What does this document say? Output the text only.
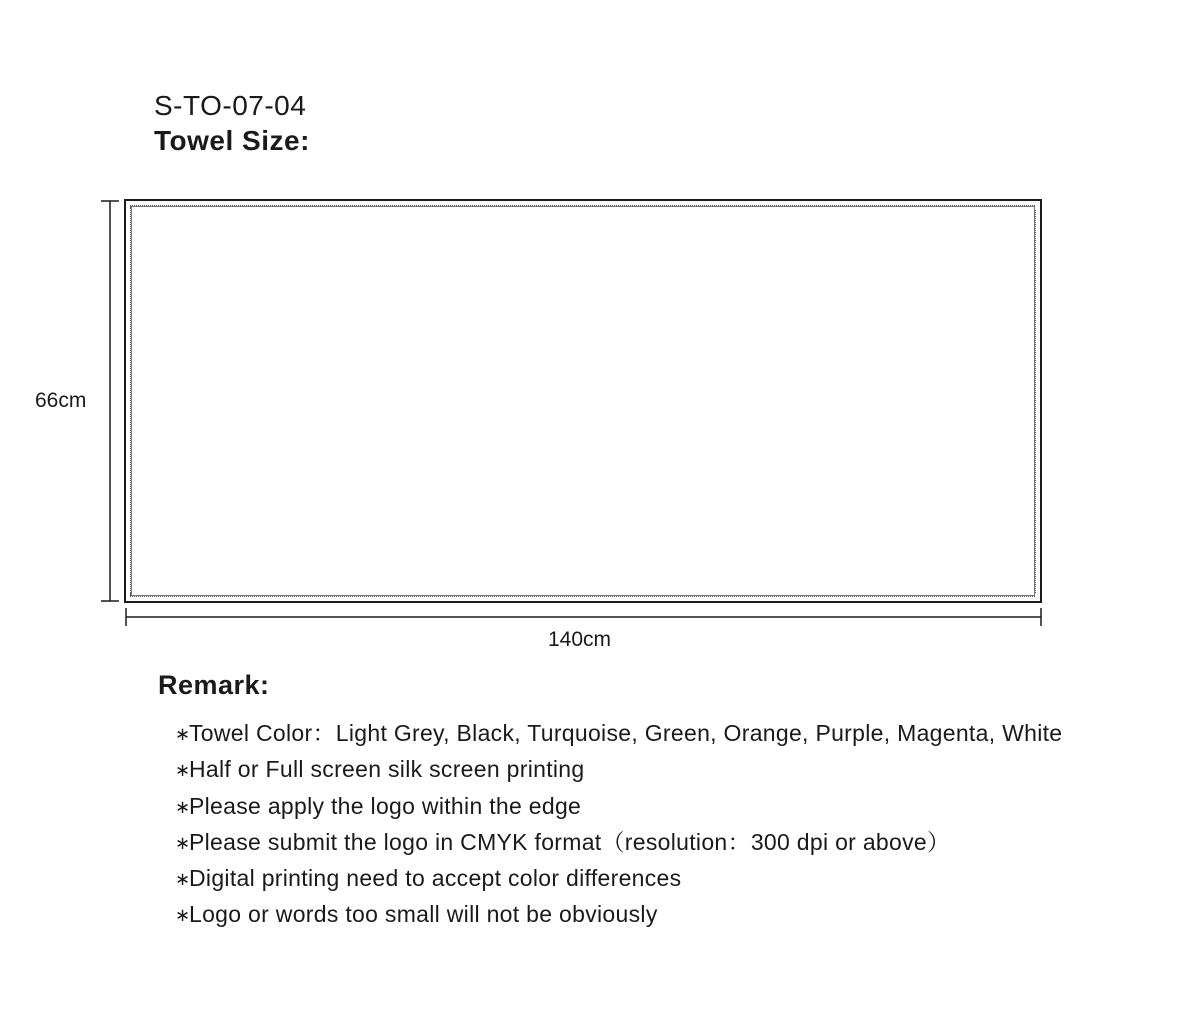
S-TO-07-04
Towel Size:
66cm
140cm
Remark:
∗Towel Color：Light Grey, Black, Turquoise, Green, Orange, Purple, Magenta, White
∗Half or Full screen silk screen printing
∗Please apply the logo within the edge
∗Please submit the logo in CMYK format（resolution：300 dpi or above）
∗Digital printing need to accept color differences
∗Logo or words too small will not be obviously
